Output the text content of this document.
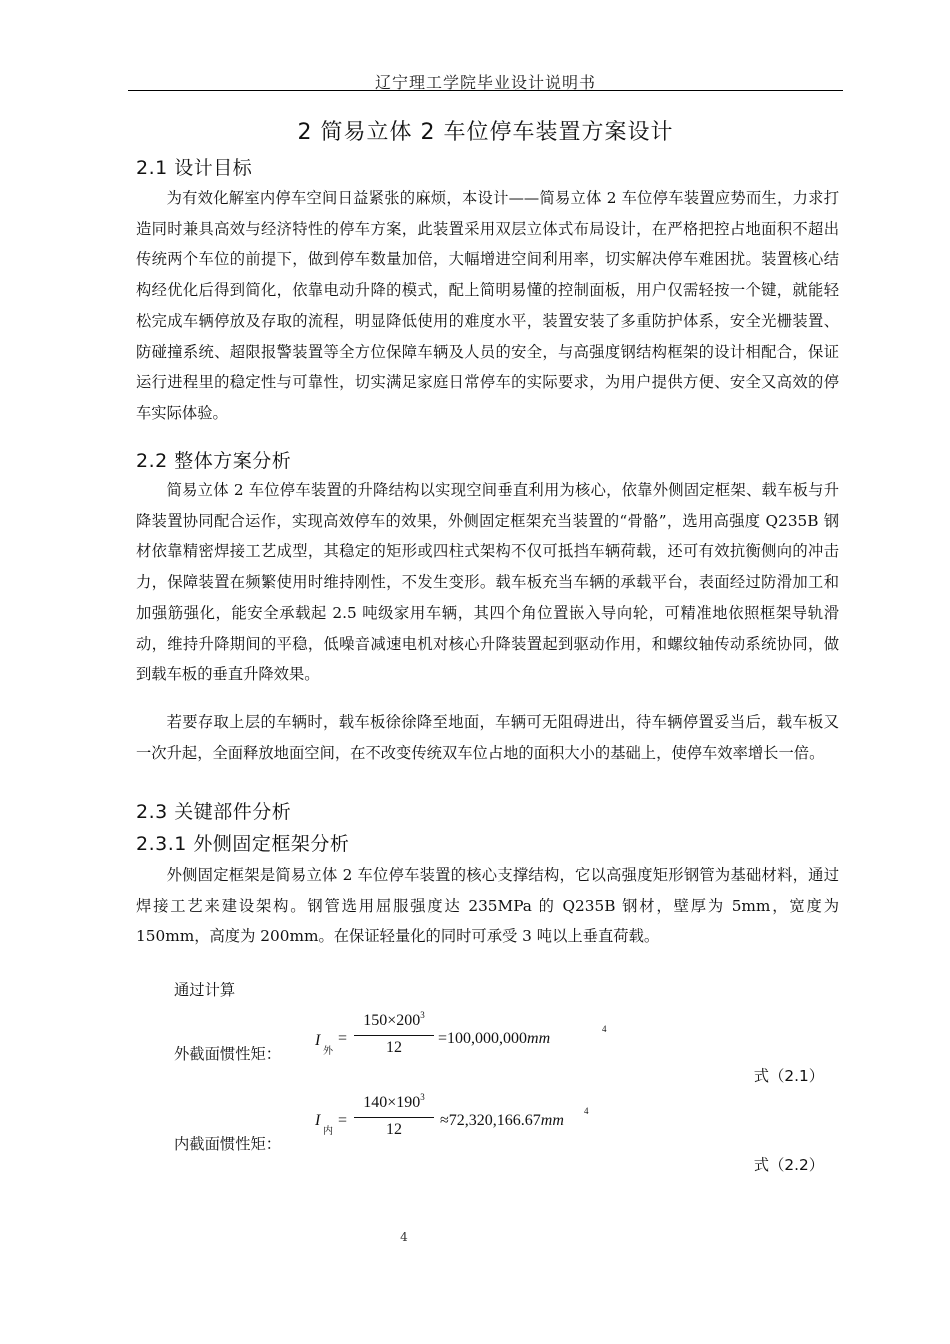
辽宁理工学院毕业设计说明书
2 简易立体 2 车位停车装置方案设计
2.1 设计目标
为有效化解室内停车空间日益紧张的麻烦，本设计——简易立体 2 车位停车装置应势而生，力求打造同时兼具高效与经济特性的停车方案，此装置采用双层立体式布局设计，在严格把控占地面积不超出传统两个车位的前提下，做到停车数量加倍，大幅增进空间利用率，切实解决停车难困扰。装置核心结构经优化后得到简化，依靠电动升降的模式，配上简明易懂的控制面板，用户仅需轻按一个键，就能轻松完成车辆停放及存取的流程，明显降低使用的难度水平，装置安装了多重防护体系，安全光栅装置、防碰撞系统、超限报警装置等全方位保障车辆及人员的安全，与高强度钢结构框架的设计相配合，保证运行进程里的稳定性与可靠性，切实满足家庭日常停车的实际要求，为用户提供方便、安全又高效的停车实际体验。
2.2 整体方案分析
简易立体 2 车位停车装置的升降结构以实现空间垂直利用为核心，依靠外侧固定框架、载车板与升降装置协同配合运作，实现高效停车的效果，外侧固定框架充当装置的“骨骼”，选用高强度 Q235B 钢材依靠精密焊接工艺成型，其稳定的矩形或四柱式架构不仅可抵挡车辆荷载，还可有效抗衡侧向的冲击力，保障装置在频繁使用时维持刚性，不发生变形。载车板充当车辆的承载平台，表面经过防滑加工和加强筋强化，能安全承载起 2.5 吨级家用车辆，其四个角位置嵌入导向轮，可精准地依照框架导轨滑动，维持升降期间的平稳，低噪音减速电机对核心升降装置起到驱动作用，和螺纹轴传动系统协同，做到载车板的垂直升降效果。
若要存取上层的车辆时，载车板徐徐降至地面，车辆可无阻碍进出，待车辆停置妥当后，载车板又一次升起，全面释放地面空间，在不改变传统双车位占地的面积大小的基础上，使停车效率增长一倍。
2.3 关键部件分析
2.3.1 外侧固定框架分析
外侧固定框架是简易立体 2 车位停车装置的核心支撑结构，它以高强度矩形钢管为基础材料，通过焊接工艺来建设架构。钢管选用屈服强度达 235MPa 的 Q235B 钢材，壁厚为 5mm，宽度为 150mm，高度为 200mm。在保证轻量化的同时可承受 3 吨以上垂直荷载。
通过计算
外截面惯性矩：
I
外
=
$150\times 200^3$
12
=100,000,000mm
4
式（2.1）
内截面惯性矩：
I
内
=
$140\times 190^3$
12
≈72,320,166.67mm
4
式（2.2）
4
